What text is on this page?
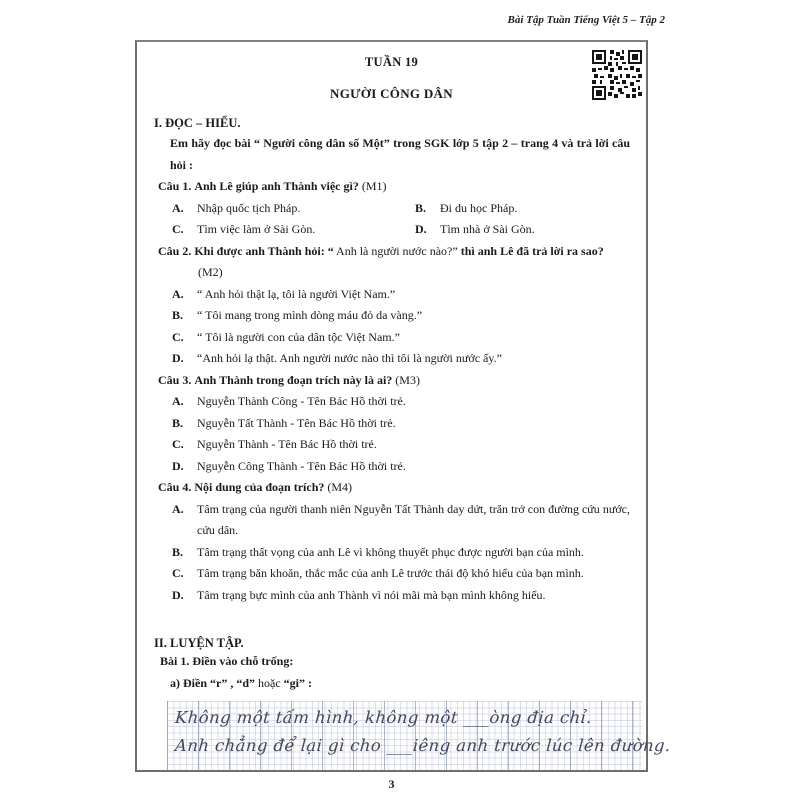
Bài Tập Tuần Tiếng Việt 5 – Tập 2
TUẦN 19
NGƯỜI CÔNG DÂN
I. ĐỌC – HIỂU.

Em hãy đọc bài “ Người công dân số Một” trong SGK lớp 5 tập 2 – trang 4 và trả lời câu hỏi :

Câu 1. Anh Lê giúp anh Thành việc gì? (M1)

A.	Nhập quốc tịch Pháp.	B.	Đi du học Pháp.
C.	Tìm việc làm ở Sài Gòn.	D.	Tìm nhà ở Sài Gòn.

Câu 2. Khi được anh Thành hỏi: “ Anh là người nước nào?” thì anh Lê đã trả lời ra sao?

(M2)

A.	“ Anh hỏi thật lạ, tôi là người Việt Nam.”
B.	“ Tôi mang trong mình dòng máu đỏ da vàng.”
C.	“ Tôi là người con của dân tộc Việt Nam.”
D.	“Anh hỏi lạ thật. Anh người nước nào thì tôi là người nước ấy.”

Câu 3. Anh Thành trong đoạn trích này là ai? (M3)

A.	Nguyễn Thành Công - Tên Bác Hồ thời trẻ.
B.	Nguyễn Tất Thành - Tên Bác Hồ thời trẻ.
C.	Nguyễn Thành - Tên Bác Hồ thời trẻ.
D.	Nguyễn Công Thành - Tên Bác Hồ thời trẻ.

Câu 4. Nội dung của đoạn trích? (M4)

A.	Tâm trạng của người thanh niên Nguyễn Tất Thành day dứt, trăn trở con đường cứu nước, cứu dân.
B.	Tâm trạng thất vọng của anh Lê vì không thuyết phục được người bạn của mình.
C.	Tâm trạng băn khoăn, thắc mắc của anh Lê trước thái độ khó hiểu của bạn mình.
D.	Tâm trạng bực mình của anh Thành vì nói mãi mà bạn mình không hiểu.
II. LUYỆN TẬP.

Bài 1. Điền vào chỗ trống:

a) Điền “r” , “d” hoặc “gi” :

Không một tấm hình, không một ___òng địa chỉ.
Anh chẳng để lại gì cho ___iêng anh trước lúc lên đường.
3
